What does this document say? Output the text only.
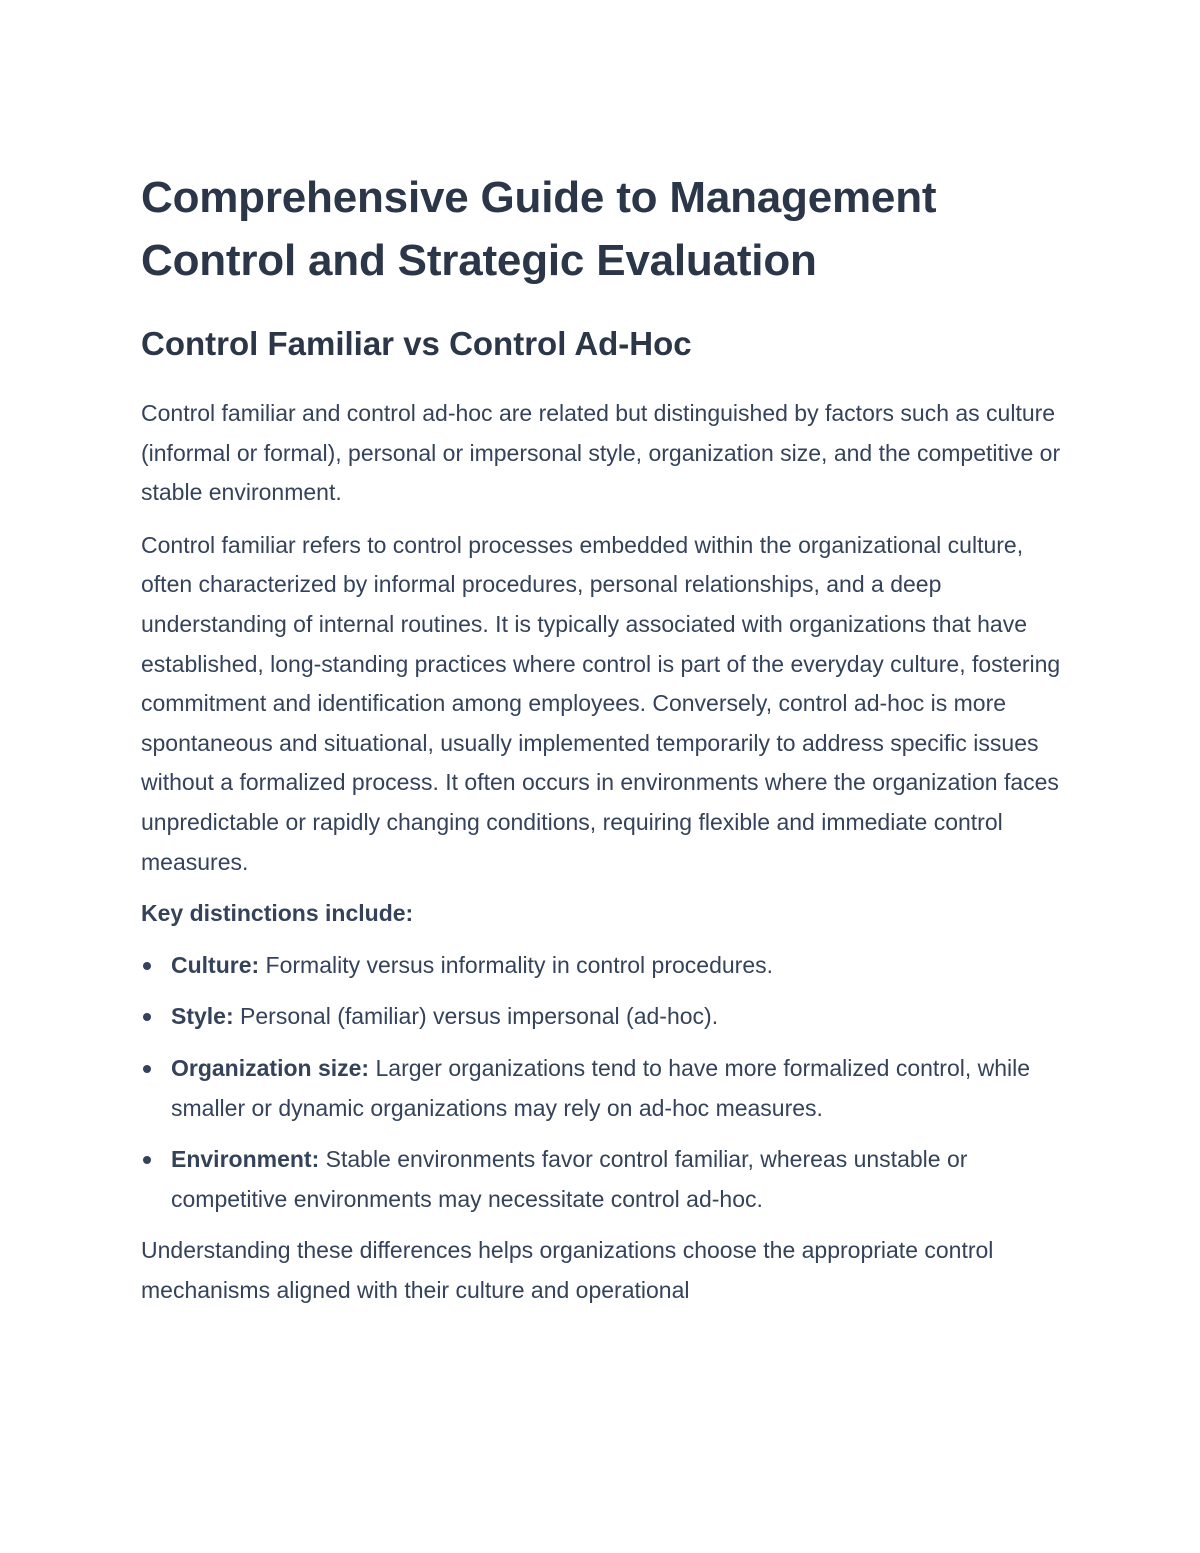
Comprehensive Guide to Management Control and Strategic Evaluation
Control Familiar vs Control Ad-Hoc

Control familiar and control ad-hoc are related but distinguished by factors such as culture (informal or formal), personal or impersonal style, organization size, and the competitive or stable environment.

Control familiar refers to control processes embedded within the organizational culture, often characterized by informal procedures, personal relationships, and a deep understanding of internal routines. It is typically associated with organizations that have established, long-standing practices where control is part of the everyday culture, fostering commitment and identification among employees. Conversely, control ad-hoc is more spontaneous and situational, usually implemented temporarily to address specific issues without a formalized process. It often occurs in environments where the organization faces unpredictable or rapidly changing conditions, requiring flexible and immediate control measures.

Key distinctions include:

Culture: Formality versus informality in control procedures.
Style: Personal (familiar) versus impersonal (ad-hoc).
Organization size: Larger organizations tend to have more formalized control, while smaller or dynamic organizations may rely on ad-hoc measures.
Environment: Stable environments favor control familiar, whereas unstable or competitive environments may necessitate control ad-hoc.

Understanding these differences helps organizations choose the appropriate control mechanisms aligned with their culture and operational
